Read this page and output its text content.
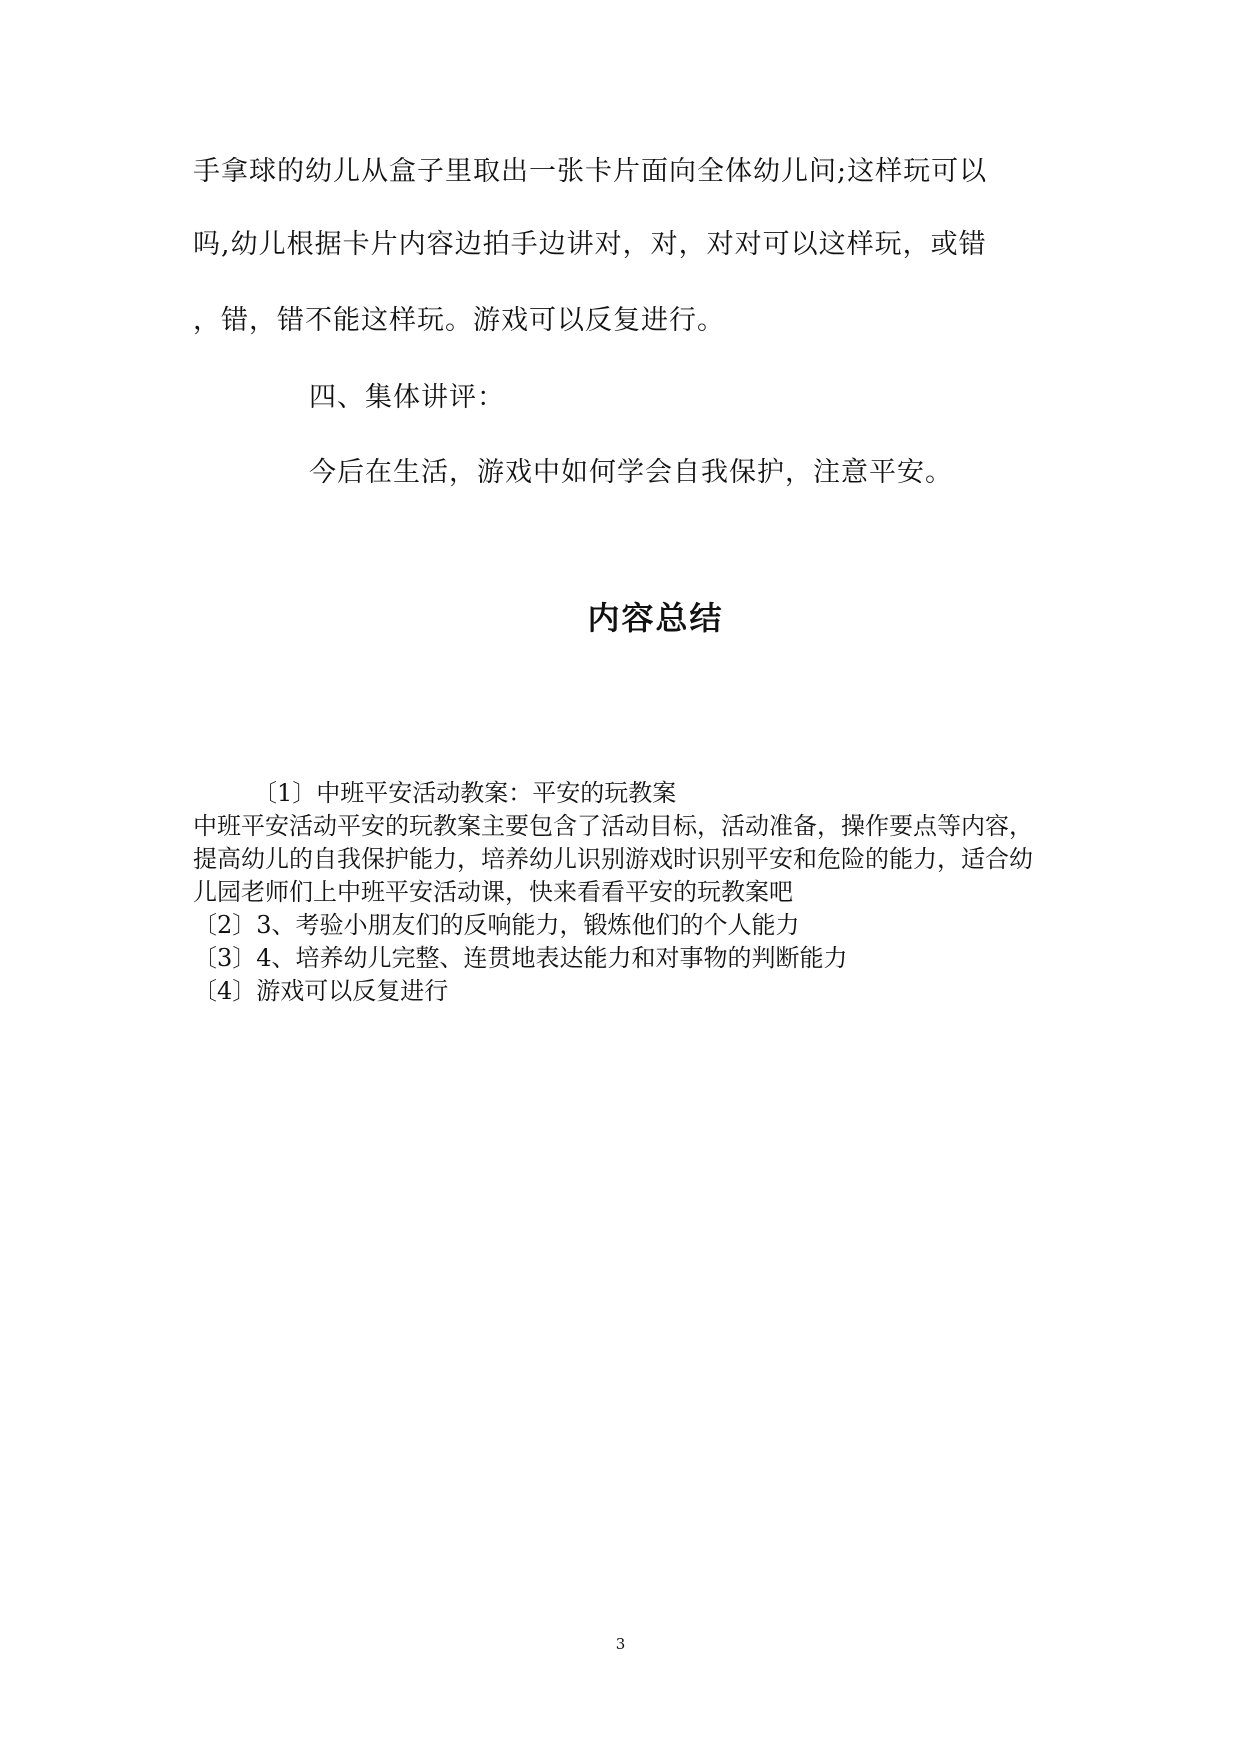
手拿球的幼儿从盒子里取出一张卡片面向全体幼儿问;这样玩可以
吗,幼儿根据卡片内容边拍手边讲对，对，对对可以这样玩，或错
，错，错不能这样玩。游戏可以反复进行。
四、集体讲评：
今后在生活，游戏中如何学会自我保护，注意平安。
内容总结

〔1〕中班平安活动教案：平安的玩教案

中班平安活动平安的玩教案主要包含了活动目标，活动准备，操作要点等内容，提高幼儿的自我保护能力，培养幼儿识别游戏时识别平安和危险的能力，适合幼儿园老师们上中班平安活动课，快来看看平安的玩教案吧

〔2〕3、考验小朋友们的反响能力，锻炼他们的个人能力

〔3〕4、培养幼儿完整、连贯地表达能力和对事物的判断能力

〔4〕游戏可以反复进行

3
